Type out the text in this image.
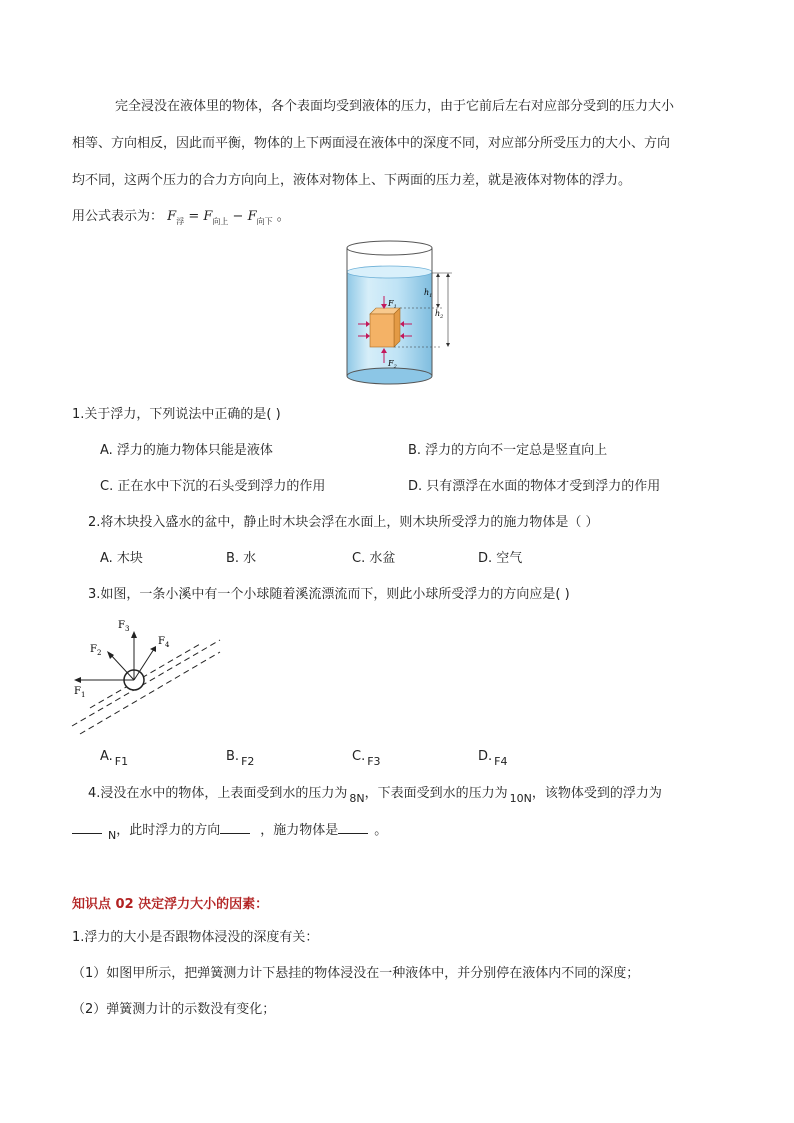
完全浸没在液体里的物体，各个表面均受到液体的压力，由于它前后左右对应部分受到的压力大小
相等、方向相反，因此而平衡，物体的上下两面浸在液体中的深度不同，对应部分所受压力的大小、方向
均不同，这两个压力的合力方向向上，液体对物体上、下两面的压力差，就是液体对物体的浮力。
用公式表示为： $F_浮 = F_{向上} - F_{向下}$ 。
$F_1$
$F_2$
$h_1$
$h_2$
1.关于浮力，下列说法中正确的是( )
A. 浮力的施力物体只能是液体	B. 浮力的方向不一定总是竖直向上
C. 正在水中下沉的石头受到浮力的作用	D. 只有漂浮在水面的物体才受到浮力的作用
2.将木块投入盛水的盆中，静止时木块会浮在水面上，则木块所受浮力的施力物体是（ ）
A. 木块	B. 水	C. 水盆	D. 空气
3.如图，一条小溪中有一个小球随着溪流漂流而下，则此小球所受浮力的方向应是( )
$F_3$
$F_4$
$F_2$
$F_1$
A. $_{F1}$	B. $_{F2}$	C. $_{F3}$	D. $_{F4}$
4.浸没在水中的物体，上表面受到水的压力为 $_{8N}$，下表面受到水的压力为 $_{10N}$，该物体受到的浮力为
$_N$，此时浮力的方向	，施力物体是	。
知识点 02 决定浮力大小的因素：
1.浮力的大小是否跟物体浸没的深度有关：
（1）如图甲所示，把弹簧测力计下悬挂的物体浸没在一种液体中，并分别停在液体内不同的深度；
（2）弹簧测力计的示数没有变化；
